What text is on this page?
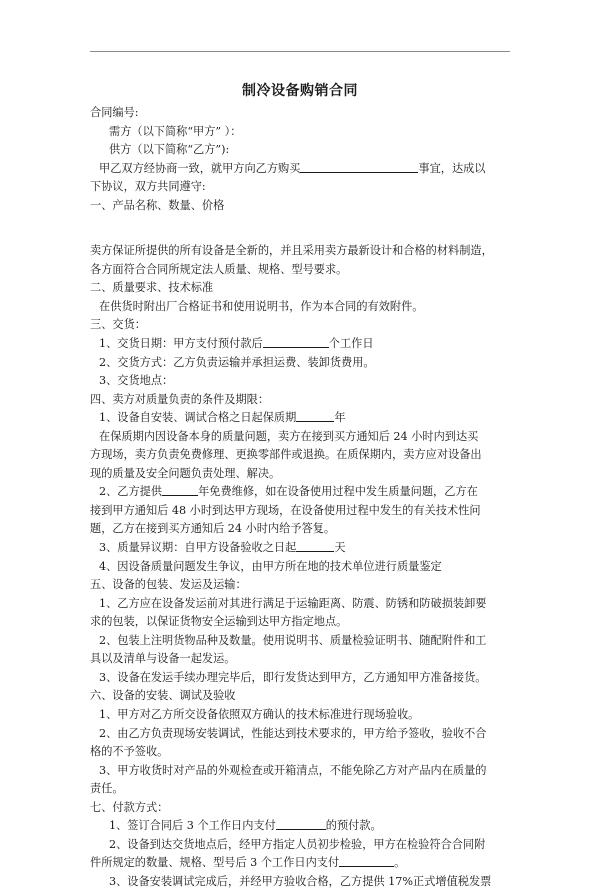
制冷设备购销合同
合同编号:
需方（以下简称“甲方” ）：
供方（以下简称“乙方”):
甲乙双方经协商一致，就甲方向乙方购买	事宜，达成以
下协议，双方共同遵守:
一、产品名称、数量、价格
卖方保证所提供的所有设备是全新的，并且采用卖方最新设计和合格的材料制造，
各方面符合合同所规定法人质量、规格、型号要求。
二、质量要求、技术标准
在供货时附出厂合格证书和使用说明书，作为本合同的有效附件。
三、交货：
1、交货日期：甲方支付预付款后	个工作日
2、交货方式：乙方负责运输并承担运费、装卸货费用。
3、交货地点：
四、卖方对质量负责的条件及期限：
1、设备自安装、调试合格之日起保质期	年
在保质期内因设备本身的质量问题，卖方在接到买方通知后 24 小时内到达买
方现场，卖方负责免费修理、更换零部件或退换。在质保期内，卖方应对设备出
现的质量及安全问题负责处理、解决。
2、乙方提供	年免费维修，如在设备使用过程中发生质量问题，乙方在
接到甲方通知后 48 小时到达甲方现场，在设备使用过程中发生的有关技术性问
题，乙方在接到买方通知后 24 小时内给予答复。
3、质量异议期：自甲方设备验收之日起	天
4、因设备质量问题发生争议，由甲方所在地的技术单位进行质量鉴定
五、设备的包装、发运及运输：
1、乙方应在设备发运前对其进行满足于运输距离、防震、防锈和防破损装卸要
求的包装，以保证货物安全运输到达甲方指定地点。
2、包装上注明货物品种及数量。使用说明书、质量检验证明书、随配附件和工
具以及清单与设备一起发运。
3、设备在发运手续办理完毕后，即行发货达到甲方，乙方通知甲方准备接货。
六、设备的安装、调试及验收
1、甲方对乙方所交设备依照双方确认的技术标准进行现场验收。
2、由乙方负责现场安装调试，性能达到技术要求的，甲方给予签收，验收不合
格的不予签收。
3、甲方收货时对产品的外观检查或开箱清点，不能免除乙方对产品内在质量的
责任。
七、付款方式：
1、签订合同后 3 个工作日内支付	的预付款。
2、设备到达交货地点后，经甲方指定人员初步检验，甲方在检验符合合同附
件所规定的数量、规格、型号后 3 个工作日内支付	。
3、设备安装调试完成后，并经甲方验收合格，乙方提供 17%正式增值税发票
